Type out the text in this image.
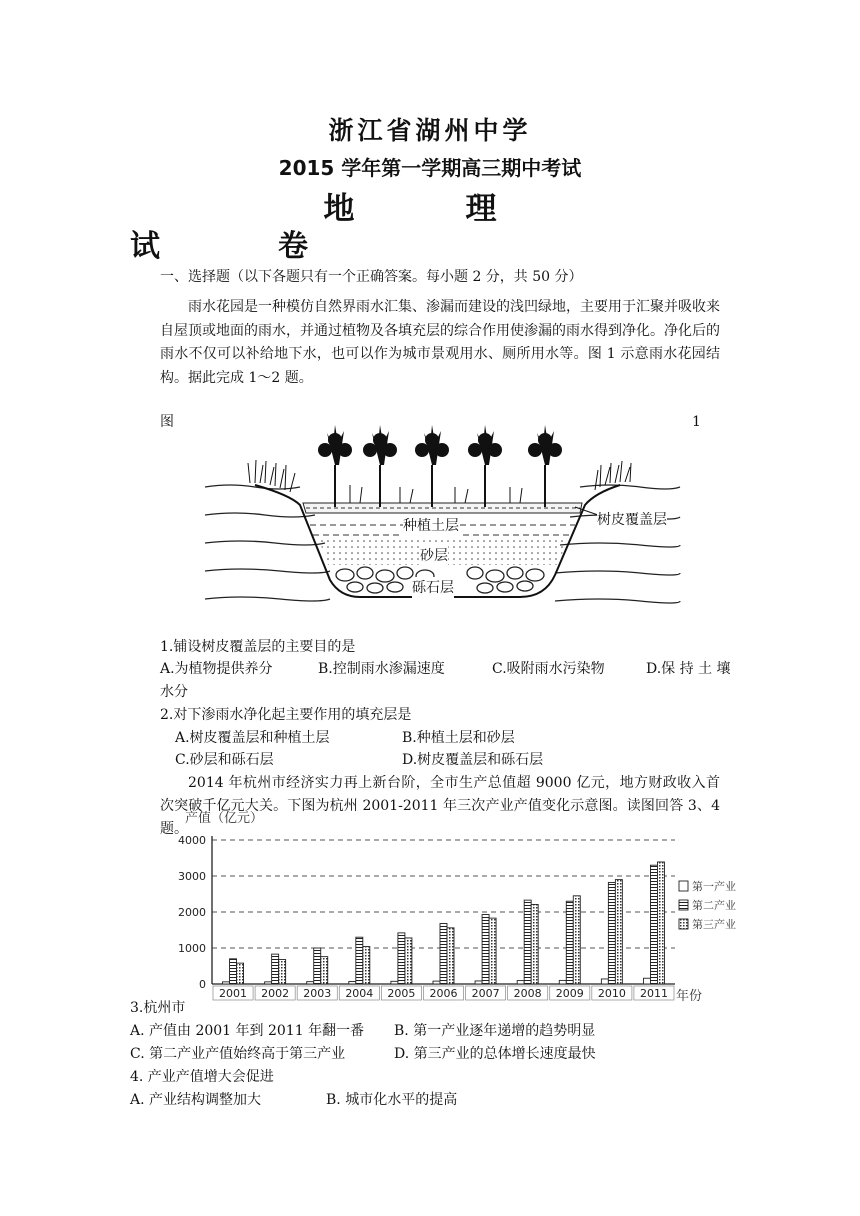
浙江省湖州中学
2015 学年第一学期高三期中考试
地　理
试　卷
一、选择题（以下各题只有一个正确答案。每小题 2 分，共 50 分）
雨水花园是一种模仿自然界雨水汇集、渗漏而建设的浅凹绿地，主要用于汇聚并吸收来自屋顶或地面的雨水，并通过植物及各填充层的综合作用使渗漏的雨水得到净化。净化后的雨水不仅可以补给地下水，也可以作为城市景观用水、厕所用水等。图 1 示意雨水花园结构。据此完成 1～2 题。
图	1
树皮覆盖层
种植土层
砂层
砾石层
1.铺设树皮覆盖层的主要目的是
A.为植物提供养分	B.控制雨水渗漏速度	C.吸附雨水污染物	D.保 持 土 壤
水分
2.对下渗雨水净化起主要作用的填充层是
A.树皮覆盖层和种植土层	B.种植土层和砂层
C.砂层和砾石层	D.树皮覆盖层和砾石层
2014 年杭州市经济实力再上新台阶，全市生产总值超 9000 亿元，地方财政收入首次突破千亿元大关。下图为杭州 2001-2011 年三次产业产值变化示意图。读图回答 3、4 题。
产值（亿元）
0
1000
2000
3000
4000
2001 2002 2003 2004 2005 2006 2007 2008 2009 2010 2011 年份
第一产业
第二产业
第三产业
3.杭州市
A. 产值由 2001 年到 2011 年翻一番 B. 第一产业逐年递增的趋势明显
C. 第二产业产值始终高于第三产业	D. 第三产业的总体增长速度最快
4. 产业产值增大会促进
A. 产业结构调整加大	B. 城市化水平的提高
